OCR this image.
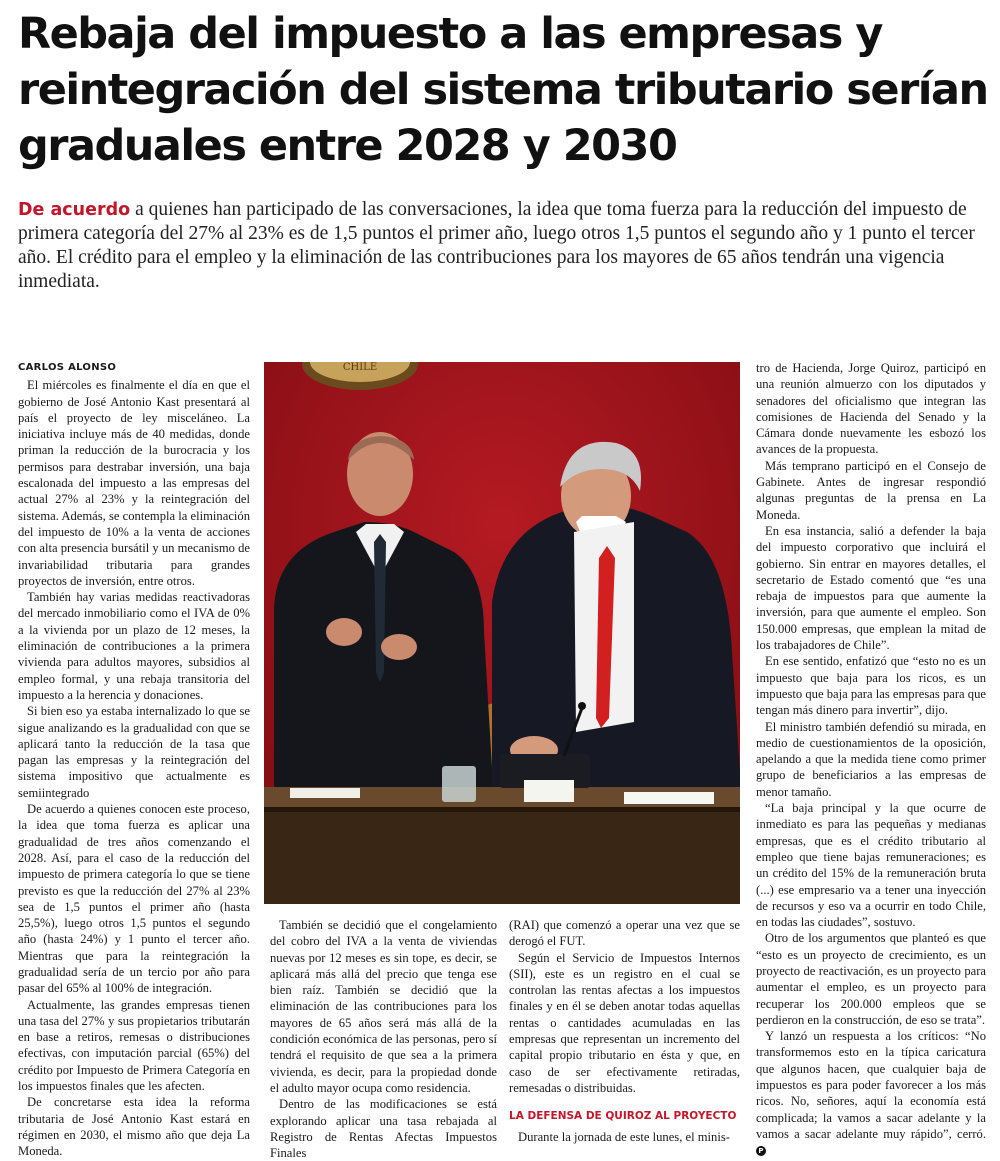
Rebaja del impuesto a las empresas y reintegración del sistema tributario serían graduales entre 2028 y 2030

De acuerdo a quienes han participado de las conversaciones, la idea que toma fuerza para la reducción del impuesto de primera categoría del 27% al 23% es de 1,5 puntos el primer año, luego otros 1,5 puntos el segundo año y 1 punto el tercer año. El crédito para el empleo y la eliminación de las contribuciones para los mayores de 65 años tendrán una vigencia inmediata.

CARLOS ALONSO

El miércoles es finalmente el día en que el gobierno de José Antonio Kast presentará al país el proyecto de ley misceláneo. La iniciativa incluye más de 40 medidas, donde priman la reducción de la burocracia y los permisos para destrabar inversión, una baja escalonada del impuesto a las empresas del actual 27% al 23% y la reintegración del sistema. Además, se contempla la eliminación del impuesto de 10% a la venta de acciones con alta presencia bursátil y un mecanismo de invariabilidad tributaria para grandes proyectos de inversión, entre otros.

También hay varias medidas reactivadoras del mercado inmobiliario como el IVA de 0% a la vivienda por un plazo de 12 meses, la eliminación de contribuciones a la primera vivienda para adultos mayores, subsidios al empleo formal, y una rebaja transitoria del impuesto a la herencia y donaciones.

Si bien eso ya estaba internalizado lo que se sigue analizando es la gradualidad con que se aplicará tanto la reducción de la tasa que pagan las empresas y la reintegración del sistema impositivo que actualmente es semiintegrado

De acuerdo a quienes conocen este proceso, la idea que toma fuerza es aplicar una gradualidad de tres años comenzando el 2028. Así, para el caso de la reducción del impuesto de primera categoría lo que se tiene previsto es que la reducción del 27% al 23% sea de 1,5 puntos el primer año (hasta 25,5%), luego otros 1,5 puntos el segundo año (hasta 24%) y 1 punto el tercer año. Mientras que para la reintegración la gradualidad sería de un tercio por año para pasar del 65% al 100% de integración.

Actualmente, las grandes empresas tienen una tasa del 27% y sus propietarios tributarán en base a retiros, remesas o distribuciones efectivas, con imputación parcial (65%) del crédito por Impuesto de Primera Categoría en los impuestos finales que les afecten.

De concretarse esta idea la reforma tributaria de José Antonio Kast estará en régimen en 2030, el mismo año que deja La Moneda.

CHILE

También se decidió que el congelamiento del cobro del IVA a la venta de viviendas nuevas por 12 meses es sin tope, es decir, se aplicará más allá del precio que tenga ese bien raíz. También se decidió que la eliminación de las contribuciones para los mayores de 65 años será más allá de la condición económica de las personas, pero sí tendrá el requisito de que sea a la primera vivienda, es decir, para la propiedad donde el adulto mayor ocupa como residencia.

Dentro de las modificaciones se está explorando aplicar una tasa rebajada al Registro de Rentas Afectas Impuestos Finales

(RAI) que comenzó a operar una vez que se derogó el FUT.

Según el Servicio de Impuestos Internos (SII), este es un registro en el cual se controlan las rentas afectas a los impuestos finales y en él se deben anotar todas aquellas rentas o cantidades acumuladas en las empresas que representan un incremento del capital propio tributario en ésta y que, en caso de ser efectivamente retiradas, remesadas o distribuidas.

LA DEFENSA DE QUIROZ AL PROYECTO

Durante la jornada de este lunes, el minis-

tro de Hacienda, Jorge Quiroz, participó en una reunión almuerzo con los diputados y senadores del oficialismo que integran las comisiones de Hacienda del Senado y la Cámara donde nuevamente les esbozó los avances de la propuesta.

Más temprano participó en el Consejo de Gabinete. Antes de ingresar respondió algunas preguntas de la prensa en La Moneda.

En esa instancia, salió a defender la baja del impuesto corporativo que incluirá el gobierno. Sin entrar en mayores detalles, el secretario de Estado comentó que “es una rebaja de impuestos para que aumente la inversión, para que aumente el empleo. Son 150.000 empresas, que emplean la mitad de los trabajadores de Chile”.

En ese sentido, enfatizó que “esto no es un impuesto que baja para los ricos, es un impuesto que baja para las empresas para que tengan más dinero para invertir”, dijo.

El ministro también defendió su mirada, en medio de cuestionamientos de la oposición, apelando a que la medida tiene como primer grupo de beneficiarios a las empresas de menor tamaño.

“La baja principal y la que ocurre de inmediato es para las pequeñas y medianas empresas, que es el crédito tributario al empleo que tiene bajas remuneraciones; es un crédito del 15% de la remuneración bruta (...) ese empresario va a tener una inyección de recursos y eso va a ocurrir en todo Chile, en todas las ciudades”, sostuvo.

Otro de los argumentos que planteó es que “esto es un proyecto de crecimiento, es un proyecto de reactivación, es un proyecto para aumentar el empleo, es un proyecto para recuperar los 200.000 empleos que se perdieron en la construcción, de eso se trata”.

Y lanzó un respuesta a los críticos: “No transformemos esto en la típica caricatura que algunos hacen, que cualquier baja de impuestos es para poder favorecer a los más ricos. No, señores, aquí la economía está complicada; la vamos a sacar adelante y la vamos a sacar adelante muy rápido”, cerró. P
